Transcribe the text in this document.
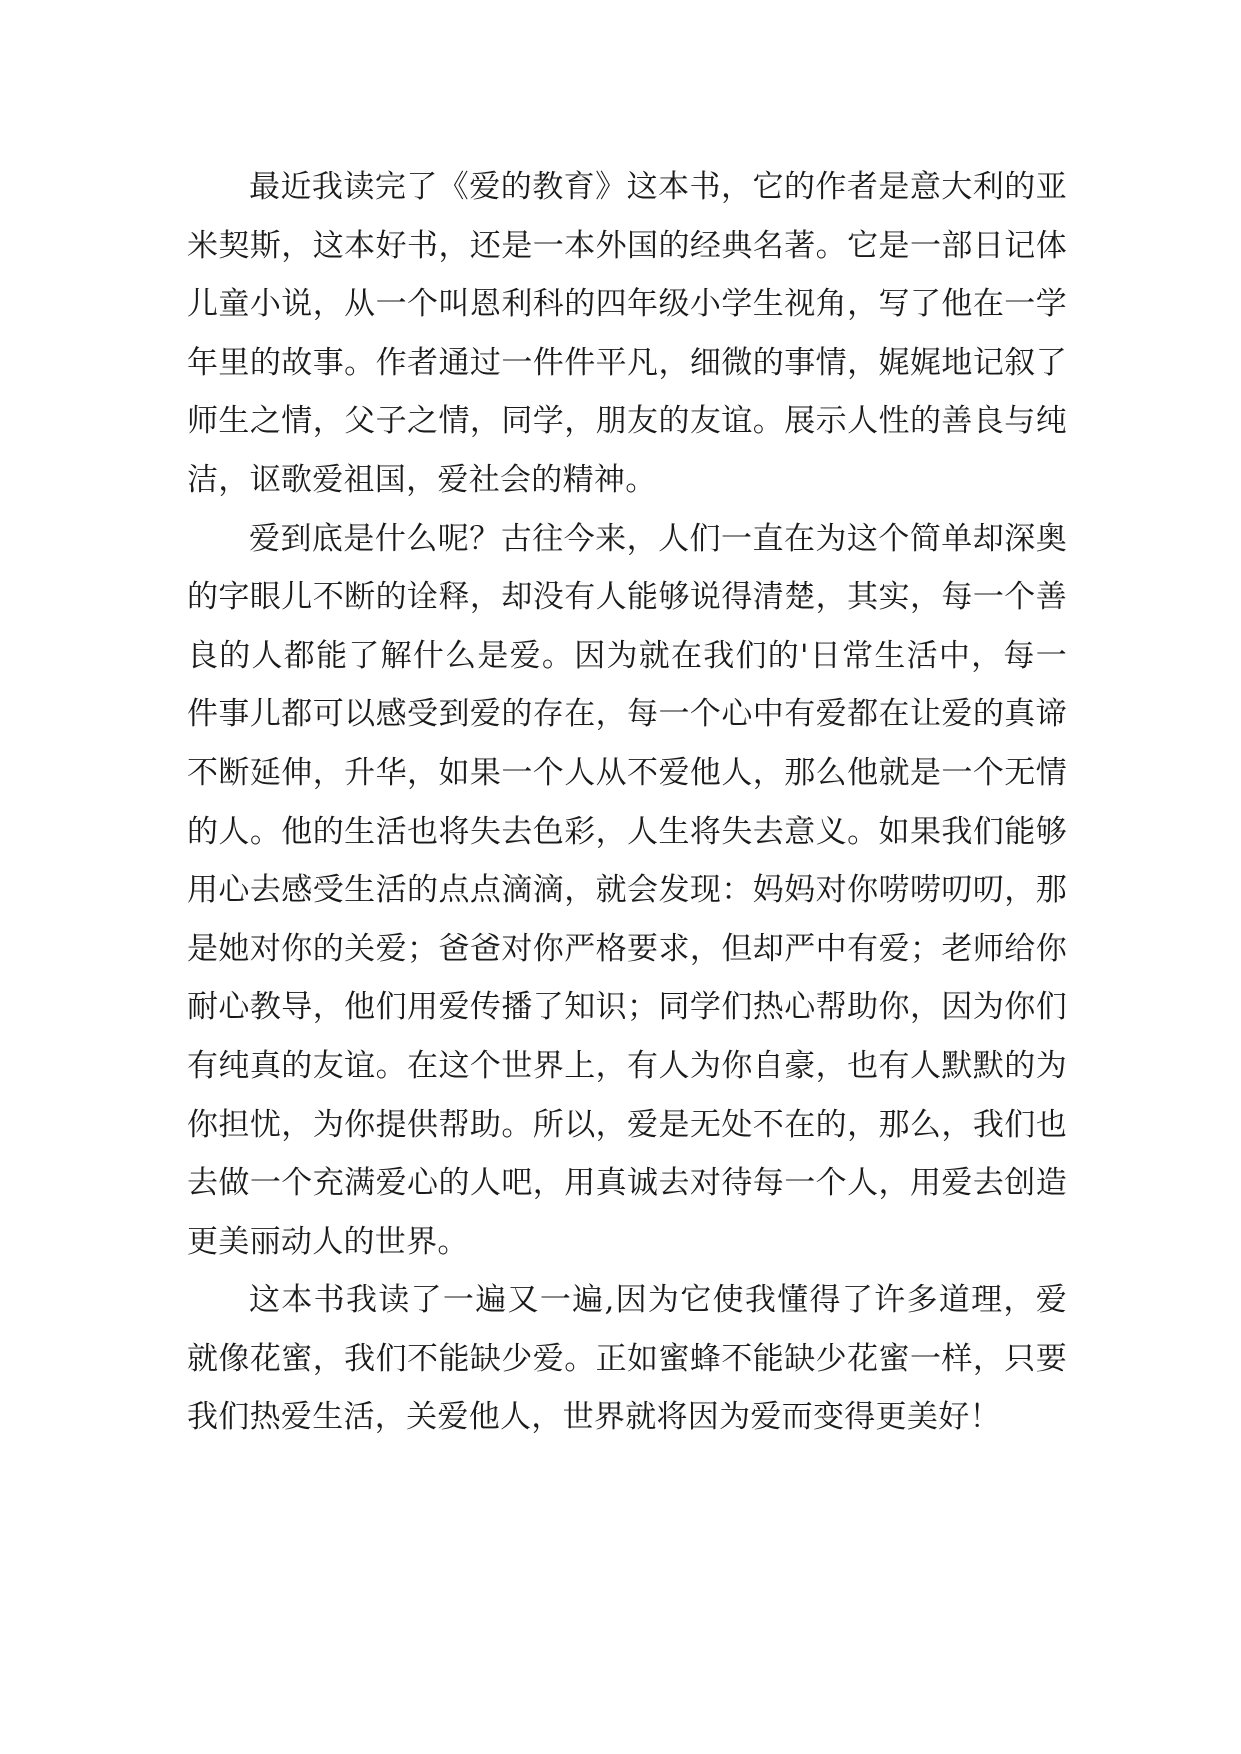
最近我读完了《爱的教育》这本书，它的作者是意大利的亚米契斯，这本好书，还是一本外国的经典名著。它是一部日记体儿童小说，从一个叫恩利科的四年级小学生视角，写了他在一学年里的故事。作者通过一件件平凡，细微的事情，娓娓地记叙了师生之情，父子之情，同学，朋友的友谊。展示人性的善良与纯洁，讴歌爱祖国，爱社会的精神。

爱到底是什么呢？古往今来，人们一直在为这个简单却深奥的字眼儿不断的诠释，却没有人能够说得清楚，其实，每一个善良的人都能了解什么是爱。因为就在我们的'日常生活中，每一件事儿都可以感受到爱的存在，每一个心中有爱都在让爱的真谛不断延伸，升华，如果一个人从不爱他人，那么他就是一个无情的人。他的生活也将失去色彩，人生将失去意义。如果我们能够用心去感受生活的点点滴滴，就会发现：妈妈对你唠唠叨叨，那是她对你的关爱；爸爸对你严格要求，但却严中有爱；老师给你耐心教导，他们用爱传播了知识；同学们热心帮助你，因为你们有纯真的友谊。在这个世界上，有人为你自豪，也有人默默的为你担忧，为你提供帮助。所以，爱是无处不在的，那么，我们也去做一个充满爱心的人吧，用真诚去对待每一个人，用爱去创造更美丽动人的世界。

这本书我读了一遍又一遍,因为它使我懂得了许多道理，爱就像花蜜，我们不能缺少爱。正如蜜蜂不能缺少花蜜一样，只要我们热爱生活，关爱他人，世界就将因为爱而变得更美好！
